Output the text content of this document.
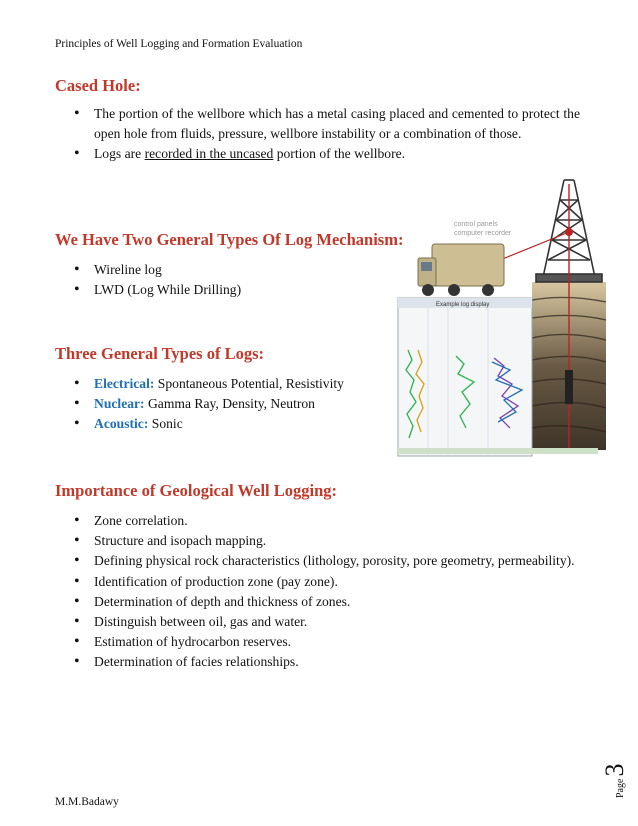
Principles of Well Logging and Formation Evaluation
Cased Hole:
• The portion of the wellbore which has a metal casing placed and cemented to protect the open hole from fluids, pressure, wellbore instability or a combination of those.
• Logs are recorded in the uncased portion of the wellbore.
We Have Two General Types Of Log Mechanism:
• Wireline log
• LWD (Log While Drilling)
Three General Types of Logs:
• Electrical: Spontaneous Potential, Resistivity
• Nuclear: Gamma Ray, Density, Neutron
• Acoustic: Sonic
Importance of Geological Well Logging:
• Zone correlation.
• Structure and isopach mapping.
• Defining physical rock characteristics (lithology, porosity, pore geometry, permeability).
• Identification of production zone (pay zone).
• Determination of depth and thickness of zones.
• Distinguish between oil, gas and water.
• Estimation of hydrocarbon reserves.
• Determination of facies relationships.
control panels
computer recorder
Example log display
Page
3
M.M.Badawy
